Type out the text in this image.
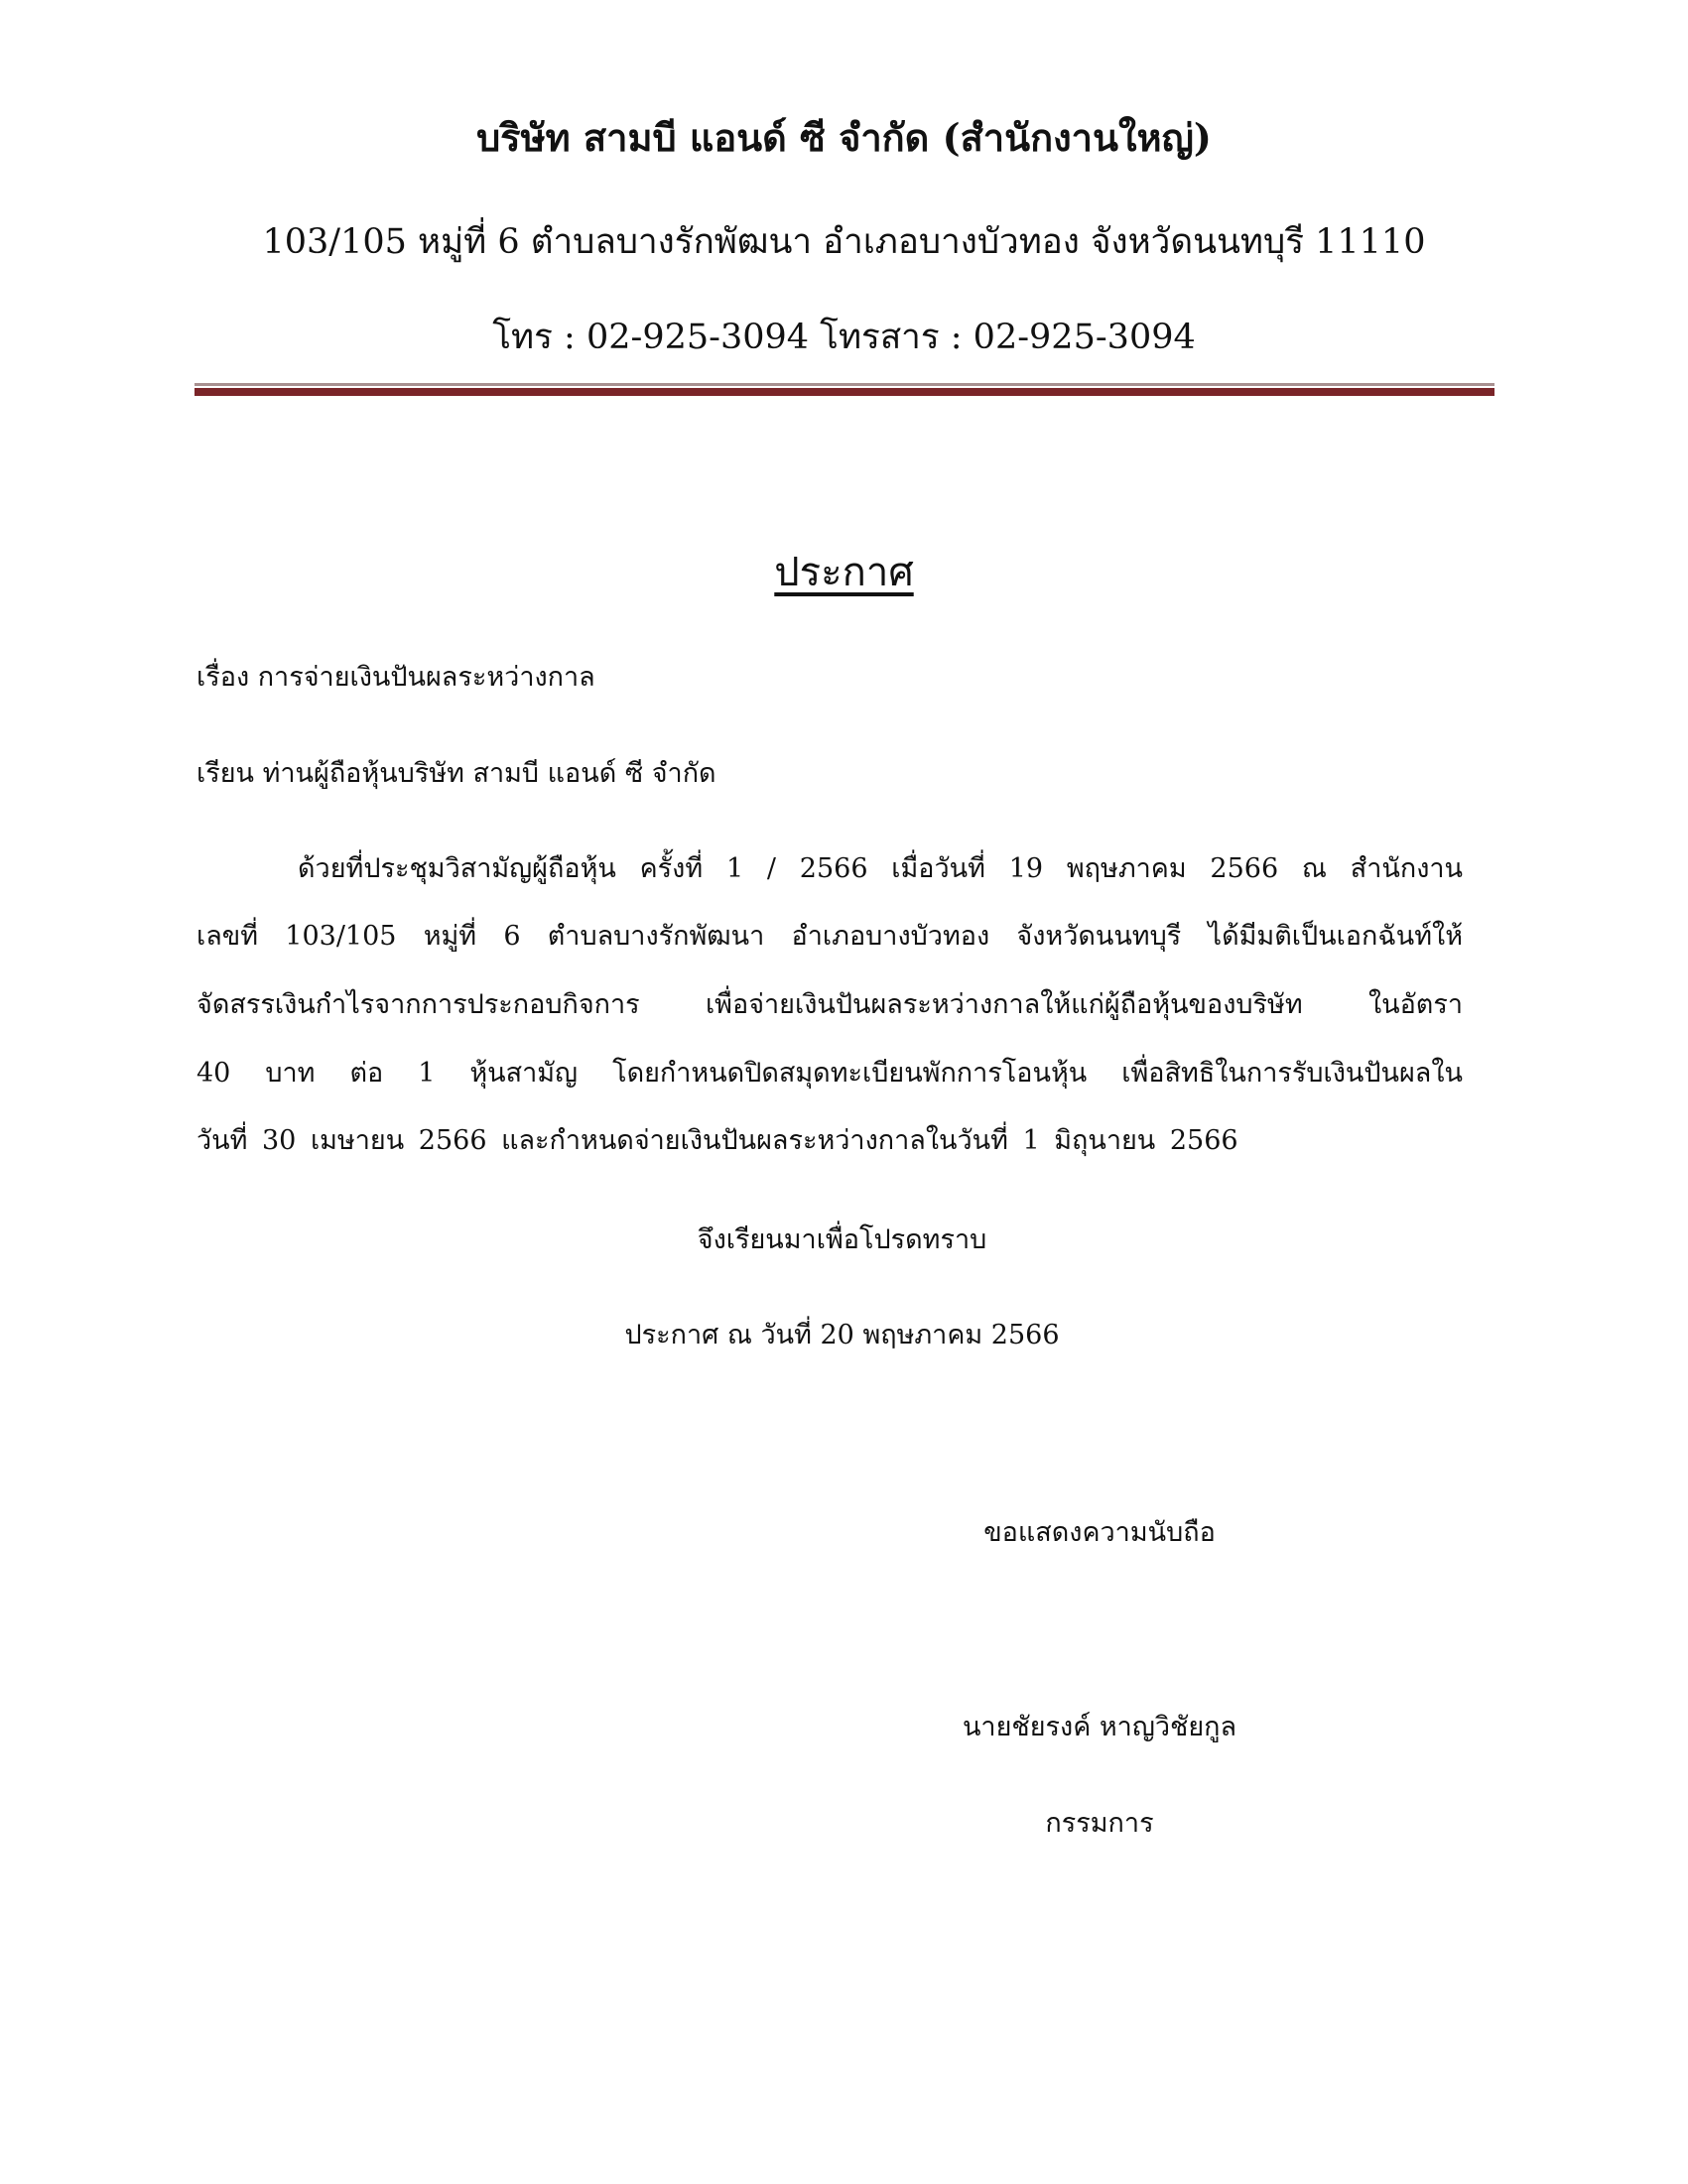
บริษัท สามบี แอนด์ ซี จำกัด (สำนักงานใหญ่)
103/105 หมู่ที่ 6 ตำบลบางรักพัฒนา อำเภอบางบัวทอง จังหวัดนนทบุรี 11110
โทร : 02-925-3094 โทรสาร : 02-925-3094
ประกาศ
เรื่อง การจ่ายเงินปันผลระหว่างกาล
เรียน ท่านผู้ถือหุ้นบริษัท สามบี แอนด์ ซี จำกัด
ด้วยที่ประชุมวิสามัญผู้ถือหุ้น ครั้งที่ 1 / 2566 เมื่อวันที่ 19 พฤษภาคม 2566 ณ สำนักงาน
เลขที่ 103/105 หมู่ที่ 6 ตำบลบางรักพัฒนา อำเภอบางบัวทอง จังหวัดนนทบุรี ได้มีมติเป็นเอกฉันท์ให้
จัดสรรเงินกำไรจากการประกอบกิจการ เพื่อจ่ายเงินปันผลระหว่างกาลให้แก่ผู้ถือหุ้นของบริษัท ในอัตรา
40 บาท ต่อ 1 หุ้นสามัญ โดยกำหนดปิดสมุดทะเบียนพักการโอนหุ้น เพื่อสิทธิในการรับเงินปันผลใน
วันที่ 30 เมษายน 2566 และกำหนดจ่ายเงินปันผลระหว่างกาลในวันที่ 1 มิถุนายน 2566
จึงเรียนมาเพื่อโปรดทราบ
ประกาศ ณ วันที่ 20 พฤษภาคม 2566
ขอแสดงความนับถือ
นายชัยรงค์ หาญวิชัยกูล
กรรมการ
